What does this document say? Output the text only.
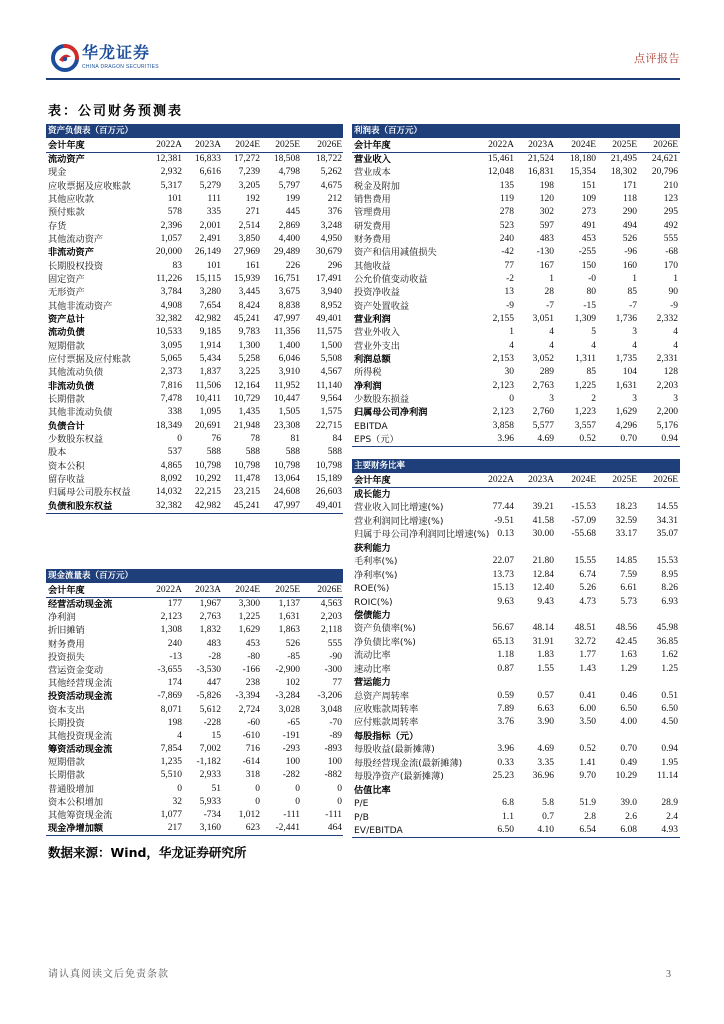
华龙证券
CHINA DRAGON SECURITIES
点评报告
表：公司财务预测表
资产负债表（百万元）
会计年度	2022A	2023A	2024E	2025E	2026E
流动资产	12,381	16,833	17,272	18,508	18,722
现金	2,932	6,616	7,239	4,798	5,262
应收票据及应收账款	5,317	5,279	3,205	5,797	4,675
其他应收款	101	111	192	199	212
预付账款	578	335	271	445	376
存货	2,396	2,001	2,514	2,869	3,248
其他流动资产	1,057	2,491	3,850	4,400	4,950
非流动资产	20,000	26,149	27,969	29,489	30,679
长期股权投资	83	101	161	226	296
固定资产	11,226	15,115	15,939	16,751	17,491
无形资产	3,784	3,280	3,445	3,675	3,940
其他非流动资产	4,908	7,654	8,424	8,838	8,952
资产总计	32,382	42,982	45,241	47,997	49,401
流动负债	10,533	9,185	9,783	11,356	11,575
短期借款	3,095	1,914	1,300	1,400	1,500
应付票据及应付账款	5,065	5,434	5,258	6,046	5,508
其他流动负债	2,373	1,837	3,225	3,910	4,567
非流动负债	7,816	11,506	12,164	11,952	11,140
长期借款	7,478	10,411	10,729	10,447	9,564
其他非流动负债	338	1,095	1,435	1,505	1,575
负债合计	18,349	20,691	21,948	23,308	22,715
少数股东权益	0	76	78	81	84
股本	537	588	588	588	588
资本公积	4,865	10,798	10,798	10,798	10,798
留存收益	8,092	10,292	11,478	13,064	15,189
归属母公司股东权益	14,032	22,215	23,215	24,608	26,603
负债和股东权益	32,382	42,982	45,241	47,997	49,401
利润表（百万元）
会计年度	2022A	2023A	2024E	2025E	2026E
营业收入	15,461	21,524	18,180	21,495	24,621
营业成本	12,048	16,831	15,354	18,302	20,796
税金及附加	135	198	151	171	210
销售费用	119	120	109	118	123
管理费用	278	302	273	290	295
研发费用	523	597	491	494	492
财务费用	240	483	453	526	555
资产和信用减值损失	-42	-130	-255	-96	-68
其他收益	77	167	150	160	170
公允价值变动收益	-2	1	-0	1	1
投资净收益	13	28	80	85	90
资产处置收益	-9	-7	-15	-7	-9
营业利润	2,155	3,051	1,309	1,736	2,332
营业外收入	1	4	5	3	4
营业外支出	4	4	4	4	4
利润总额	2,153	3,052	1,311	1,735	2,331
所得税	30	289	85	104	128
净利润	2,123	2,763	1,225	1,631	2,203
少数股东损益	0	3	2	3	3
归属母公司净利润	2,123	2,760	1,223	1,629	2,200
EBITDA	3,858	5,577	3,557	4,296	5,176
EPS（元）	3.96	4.69	0.52	0.70	0.94
主要财务比率
会计年度	2022A	2023A	2024E	2025E	2026E
成长能力
营业收入同比增速(%)	77.44	39.21	-15.53	18.23	14.55
营业利润同比增速(%)	-9.51	41.58	-57.09	32.59	34.31
归属于母公司净利润同比增速(%) 0.13	30.00	-55.68	33.17	35.07
获利能力
毛利率(%)	22.07	21.80	15.55	14.85	15.53
净利率(%)	13.73	12.84	6.74	7.59	8.95
ROE(%)	15.13	12.40	5.26	6.61	8.26
ROIC(%)	9.63	9.43	4.73	5.73	6.93
偿债能力
资产负债率(%)	56.67	48.14	48.51	48.56	45.98
净负债比率(%)	65.13	31.91	32.72	42.45	36.85
流动比率	1.18	1.83	1.77	1.63	1.62
速动比率	0.87	1.55	1.43	1.29	1.25
营运能力
总资产周转率	0.59	0.57	0.41	0.46	0.51
应收账款周转率	7.89	6.63	6.00	6.50	6.50
应付账款周转率	3.76	3.90	3.50	4.00	4.50
每股指标（元）
每股收益(最新摊薄)	3.96	4.69	0.52	0.70	0.94
每股经营现金流(最新摊薄)	0.33	3.35	1.41	0.49	1.95
每股净资产(最新摊薄)	25.23	36.96	9.70	10.29	11.14
估值比率
P/E	6.8	5.8	51.9	39.0	28.9
P/B	1.1	0.7	2.8	2.6	2.4
EV/EBITDA	6.50	4.10	6.54	6.08	4.93
现金流量表（百万元）
会计年度	2022A	2023A	2024E	2025E	2026E
经营活动现金流	177	1,967	3,300	1,137	4,563
净利润	2,123	2,763	1,225	1,631	2,203
折旧摊销	1,308	1,832	1,629	1,863	2,118
财务费用	240	483	453	526	555
投资损失	-13	-28	-80	-85	-90
营运资金变动	-3,655	-3,530	-166	-2,900	-300
其他经营现金流	174	447	238	102	77
投资活动现金流	-7,869	-5,826	-3,394	-3,284	-3,206
资本支出	8,071	5,612	2,724	3,028	3,048
长期投资	198	-228	-60	-65	-70
其他投资现金流	4	15	-610	-191	-89
筹资活动现金流	7,854	7,002	716	-293	-893
短期借款	1,235	-1,182	-614	100	100
长期借款	5,510	2,933	318	-282	-882
普通股增加	0	51	0	0	0
资本公积增加	32	5,933	0	0	0
其他筹资现金流	1,077	-734	1,012	-111	-111
现金净增加额	217	3,160	623	-2,441	464
数据来源：Wind，华龙证券研究所
请认真阅读文后免责条款	3
